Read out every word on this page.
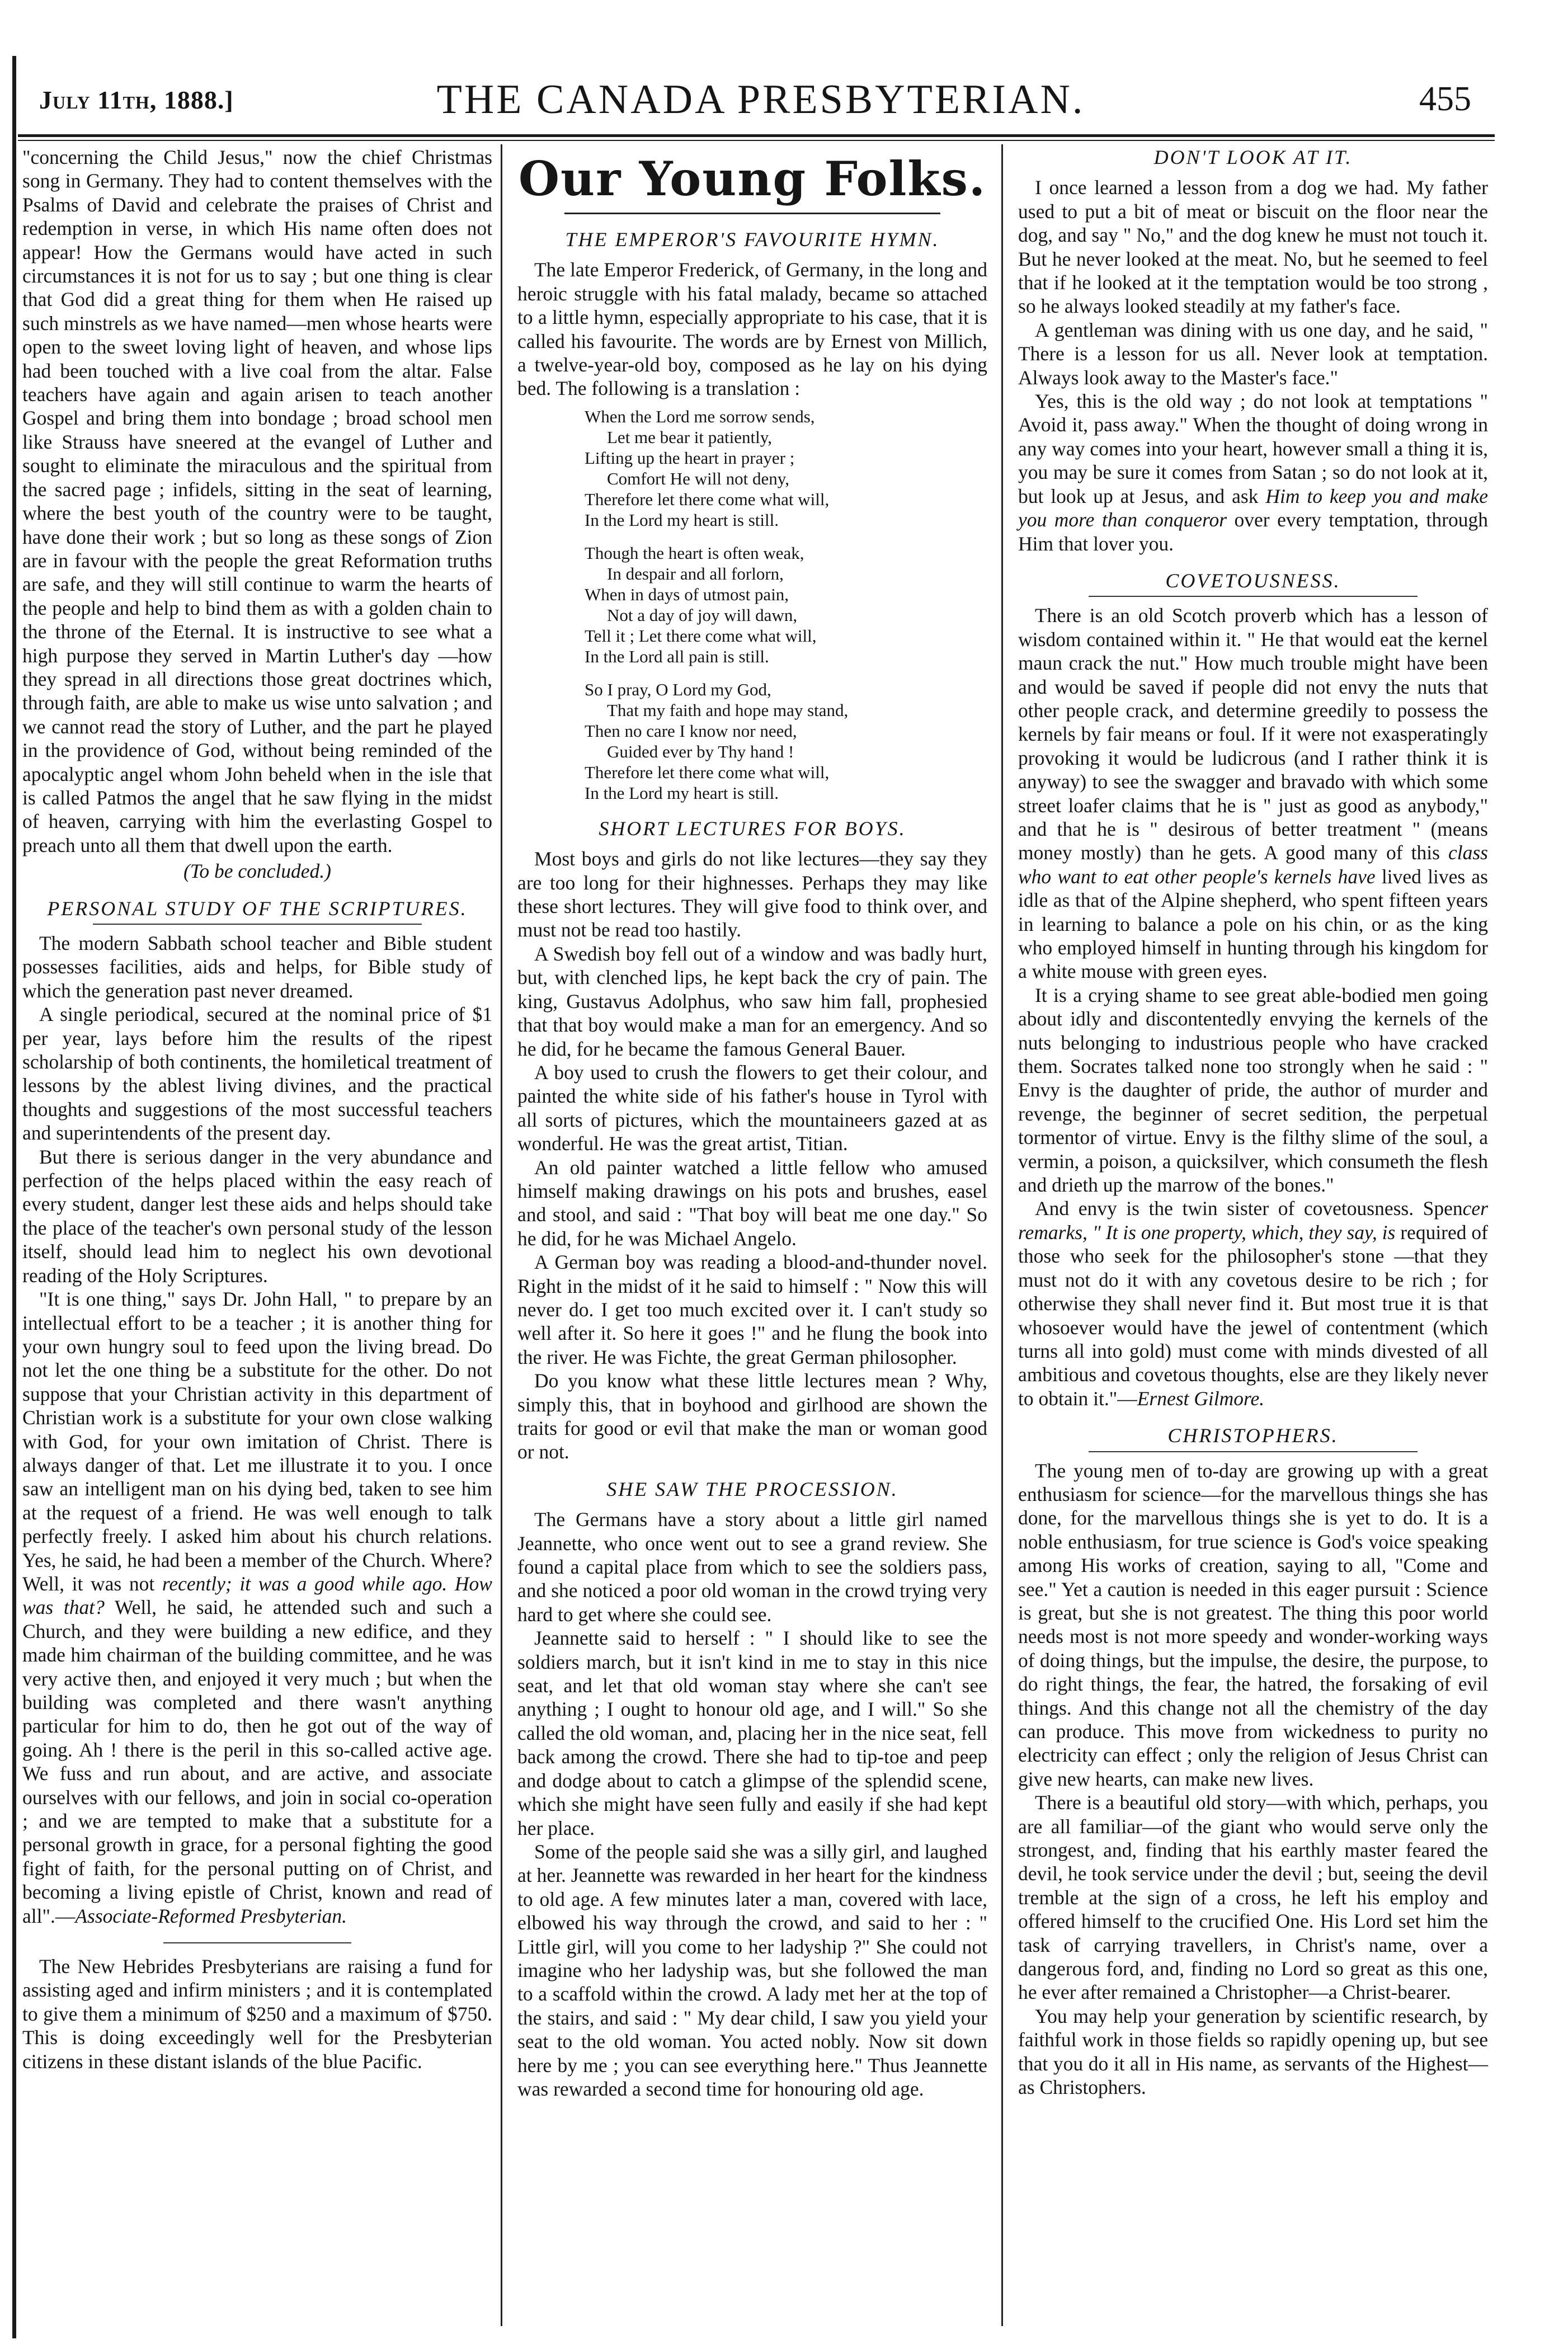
July 11th, 1888.]	THE CANADA PRESBYTERIAN.	455

"concerning the Child Jesus," now the chief Christmas song in Germany. They had to content themselves with the Psalms of David and celebrate the praises of Christ and redemption in verse, in which His name often does not appear! How the Germans would have acted in such circumstances it is not for us to say ; but one thing is clear that God did a great thing for them when He raised up such minstrels as we have named—men whose hearts were open to the sweet loving light of heaven, and whose lips had been touched with a live coal from the altar. False teachers have again and again arisen to teach another Gospel and bring them into bondage ; broad school men like Strauss have sneered at the evangel of Luther and sought to eliminate the miraculous and the spiritual from the sacred page ; infidels, sitting in the seat of learning, where the best youth of the country were to be taught, have done their work ; but so long as these songs of Zion are in favour with the people the great Reformation truths are safe, and they will still continue to warm the hearts of the people and help to bind them as with a golden chain to the throne of the Eternal. It is instructive to see what a high purpose they served in Martin Luther's day —how they spread in all directions those great doctrines which, through faith, are able to make us wise unto salvation ; and we cannot read the story of Luther, and the part he played in the providence of God, without being reminded of the apocalyptic angel whom John beheld when in the isle that is called Patmos the angel that he saw flying in the midst of heaven, carrying with him the everlasting Gospel to preach unto all them that dwell upon the earth.

(To be concluded.)
PERSONAL STUDY OF THE SCRIPTURES.

The modern Sabbath school teacher and Bible student possesses facilities, aids and helps, for Bible study of which the generation past never dreamed.

A single periodical, secured at the nominal price of $1 per year, lays before him the results of the ripest scholarship of both continents, the homiletical treatment of lessons by the ablest living divines, and the practical thoughts and suggestions of the most successful teachers and superintendents of the present day.

But there is serious danger in the very abundance and perfection of the helps placed within the easy reach of every student, danger lest these aids and helps should take the place of the teacher's own personal study of the lesson itself, should lead him to neglect his own devotional reading of the Holy Scriptures.

"It is one thing," says Dr. John Hall, " to prepare by an intellectual effort to be a teacher ; it is another thing for your own hungry soul to feed upon the living bread. Do not let the one thing be a substitute for the other. Do not suppose that your Christian activity in this department of Christian work is a substitute for your own close walking with God, for your own imitation of Christ. There is always danger of that. Let me illustrate it to you. I once saw an intelligent man on his dying bed, taken to see him at the request of a friend. He was well enough to talk perfectly freely. I asked him about his church relations. Yes, he said, he had been a member of the Church. Where? Well, it was not recently; it was a good while ago. How was that? Well, he said, he attended such and such a Church, and they were building a new edifice, and they made him chairman of the building committee, and he was very active then, and enjoyed it very much ; but when the building was completed and there wasn't anything particular for him to do, then he got out of the way of going. Ah ! there is the peril in this so-called active age. We fuss and run about, and are active, and associate ourselves with our fellows, and join in social co-operation ; and we are tempted to make that a substitute for a personal growth in grace, for a personal fighting the good fight of faith, for the personal putting on of Christ, and becoming a living epistle of Christ, known and read of all".—Associate-Reformed Presbyterian.

The New Hebrides Presbyterians are raising a fund for assisting aged and infirm ministers ; and it is contemplated to give them a minimum of $250 and a maximum of $750. This is doing exceedingly well for the Presbyterian citizens in these distant islands of the blue Pacific.

Our Young Folks.
THE EMPEROR'S FAVOURITE HYMN.

The late Emperor Frederick, of Germany, in the long and heroic struggle with his fatal malady, became so attached to a little hymn, especially appropriate to his case, that it is called his favourite. The words are by Ernest von Millich, a twelve-year-old boy, composed as he lay on his dying bed. The following is a translation :

When the Lord me sorrow sends,
Let me bear it patiently,
Lifting up the heart in prayer ;
Comfort He will not deny,
Therefore let there come what will,
In the Lord my heart is still.
Though the heart is often weak,
In despair and all forlorn,
When in days of utmost pain,
Not a day of joy will dawn,
Tell it ; Let there come what will,
In the Lord all pain is still.
So I pray, O Lord my God,
That my faith and hope may stand,
Then no care I know nor need,
Guided ever by Thy hand !
Therefore let there come what will,
In the Lord my heart is still.
SHORT LECTURES FOR BOYS.

Most boys and girls do not like lectures—they say they are too long for their highnesses. Perhaps they may like these short lectures. They will give food to think over, and must not be read too hastily.

A Swedish boy fell out of a window and was badly hurt, but, with clenched lips, he kept back the cry of pain. The king, Gustavus Adolphus, who saw him fall, prophesied that that boy would make a man for an emergency. And so he did, for he became the famous General Bauer.

A boy used to crush the flowers to get their colour, and painted the white side of his father's house in Tyrol with all sorts of pictures, which the mountaineers gazed at as wonderful. He was the great artist, Titian.

An old painter watched a little fellow who amused himself making drawings on his pots and brushes, easel and stool, and said : "That boy will beat me one day." So he did, for he was Michael Angelo.

A German boy was reading a blood-and-thunder novel. Right in the midst of it he said to himself : " Now this will never do. I get too much excited over it. I can't study so well after it. So here it goes !" and he flung the book into the river. He was Fichte, the great German philosopher.

Do you know what these little lectures mean ? Why, simply this, that in boyhood and girlhood are shown the traits for good or evil that make the man or woman good or not.

SHE SAW THE PROCESSION.

The Germans have a story about a little girl named Jeannette, who once went out to see a grand review. She found a capital place from which to see the soldiers pass, and she noticed a poor old woman in the crowd trying very hard to get where she could see.

Jeannette said to herself : " I should like to see the soldiers march, but it isn't kind in me to stay in this nice seat, and let that old woman stay where she can't see anything ; I ought to honour old age, and I will." So she called the old woman, and, placing her in the nice seat, fell back among the crowd. There she had to tip-toe and peep and dodge about to catch a glimpse of the splendid scene, which she might have seen fully and easily if she had kept her place.

Some of the people said she was a silly girl, and laughed at her. Jeannette was rewarded in her heart for the kindness to old age. A few minutes later a man, covered with lace, elbowed his way through the crowd, and said to her : " Little girl, will you come to her ladyship ?" She could not imagine who her ladyship was, but she followed the man to a scaffold within the crowd. A lady met her at the top of the stairs, and said : " My dear child, I saw you yield your seat to the old woman. You acted nobly. Now sit down here by me ; you can see everything here." Thus Jeannette was rewarded a second time for honouring old age.

DON'T LOOK AT IT.

I once learned a lesson from a dog we had. My father used to put a bit of meat or biscuit on the floor near the dog, and say " No," and the dog knew he must not touch it. But he never looked at the meat. No, but he seemed to feel that if he looked at it the temptation would be too strong , so he always looked steadily at my father's face.

A gentleman was dining with us one day, and he said, " There is a lesson for us all. Never look at temptation. Always look away to the Master's face."

Yes, this is the old way ; do not look at temptations " Avoid it, pass away." When the thought of doing wrong in any way comes into your heart, however small a thing it is, you may be sure it comes from Satan ; so do not look at it, but look up at Jesus, and ask Him to keep you and make you more than conqueror over every temptation, through Him that lover you.

COVETOUSNESS.

There is an old Scotch proverb which has a lesson of wisdom contained within it. " He that would eat the kernel maun crack the nut." How much trouble might have been and would be saved if people did not envy the nuts that other people crack, and determine greedily to possess the kernels by fair means or foul. If it were not exasperatingly provoking it would be ludicrous (and I rather think it is anyway) to see the swagger and bravado with which some street loafer claims that he is " just as good as anybody," and that he is " desirous of better treatment " (means money mostly) than he gets. A good many of this class who want to eat other people's kernels have lived lives as idle as that of the Alpine shepherd, who spent fifteen years in learning to balance a pole on his chin, or as the king who employed himself in hunting through his kingdom for a white mouse with green eyes.

It is a crying shame to see great able-bodied men going about idly and discontentedly envying the kernels of the nuts belonging to industrious people who have cracked them. Socrates talked none too strongly when he said : " Envy is the daughter of pride, the author of murder and revenge, the beginner of secret sedition, the perpetual tormentor of virtue. Envy is the filthy slime of the soul, a vermin, a poison, a quicksilver, which consumeth the flesh and drieth up the marrow of the bones."

And envy is the twin sister of covetousness. Spencer remarks, " It is one property, which, they say, is required of those who seek for the philosopher's stone —that they must not do it with any covetous desire to be rich ; for otherwise they shall never find it. But most true it is that whosoever would have the jewel of contentment (which turns all into gold) must come with minds divested of all ambitious and covetous thoughts, else are they likely never to obtain it."—Ernest Gilmore.

CHRISTOPHERS.

The young men of to-day are growing up with a great enthusiasm for science—for the marvellous things she has done, for the marvellous things she is yet to do. It is a noble enthusiasm, for true science is God's voice speaking among His works of creation, saying to all, "Come and see." Yet a caution is needed in this eager pursuit : Science is great, but she is not greatest. The thing this poor world needs most is not more speedy and wonder-working ways of doing things, but the impulse, the desire, the purpose, to do right things, the fear, the hatred, the forsaking of evil things. And this change not all the chemistry of the day can produce. This move from wickedness to purity no electricity can effect ; only the religion of Jesus Christ can give new hearts, can make new lives.

There is a beautiful old story—with which, perhaps, you are all familiar—of the giant who would serve only the strongest, and, finding that his earthly master feared the devil, he took service under the devil ; but, seeing the devil tremble at the sign of a cross, he left his employ and offered himself to the crucified One. His Lord set him the task of carrying travellers, in Christ's name, over a dangerous ford, and, finding no Lord so great as this one, he ever after remained a Christopher—a Christ-bearer.

You may help your generation by scientific research, by faithful work in those fields so rapidly opening up, but see that you do it all in His name, as servants of the Highest—as Christophers.
